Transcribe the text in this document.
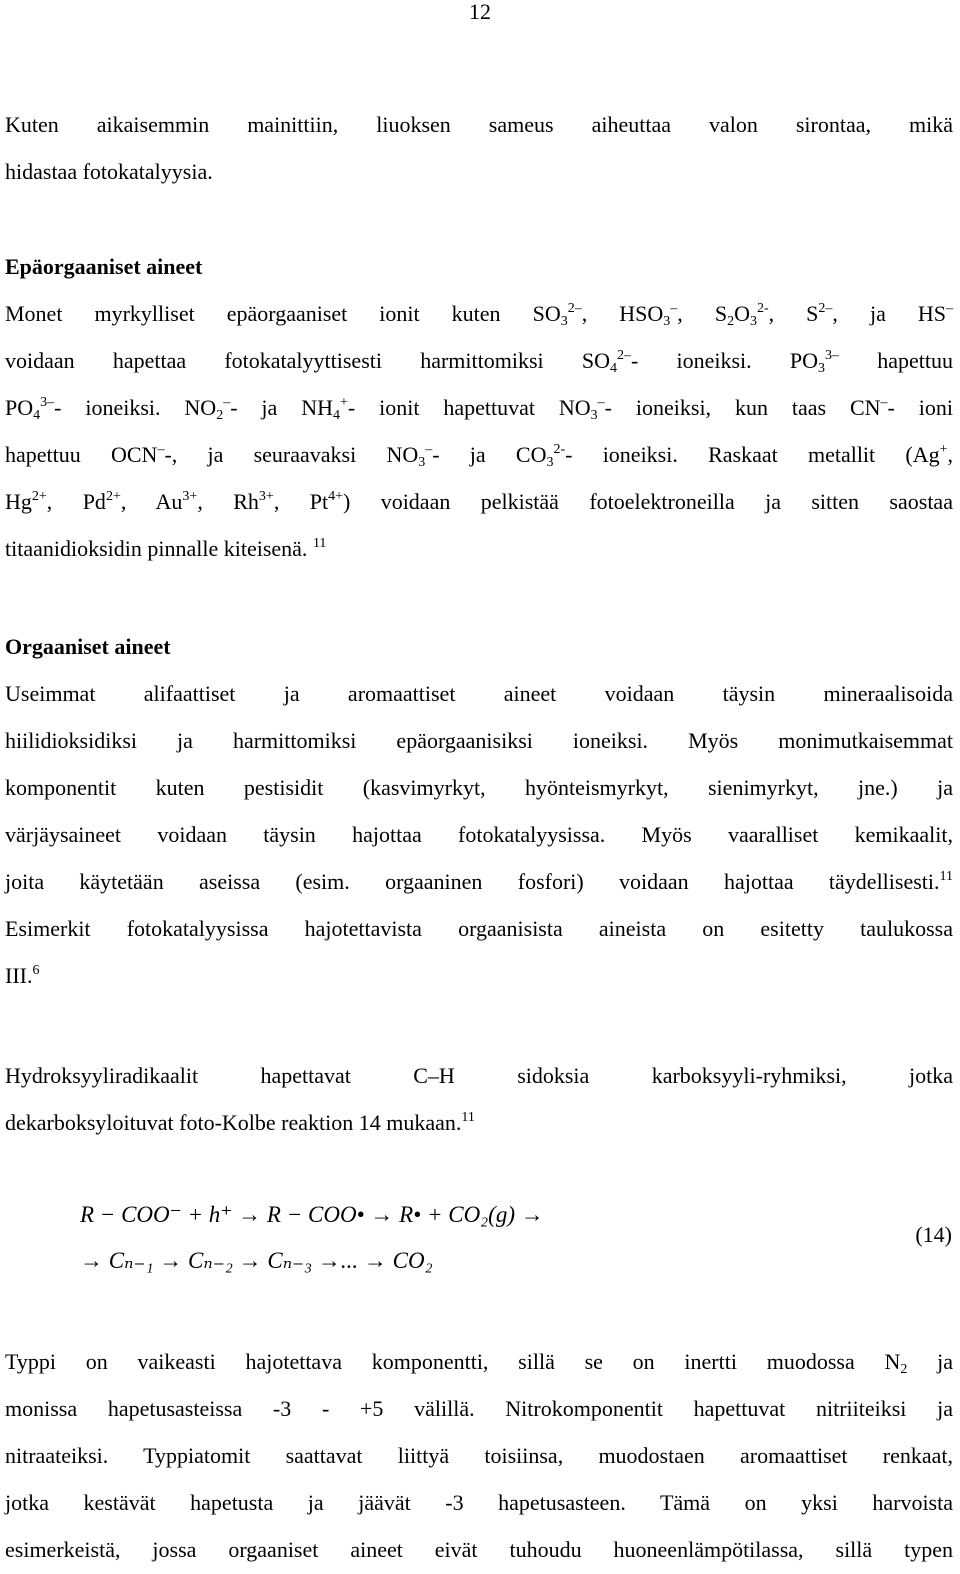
12

Kuten aikaisemmin mainittiin, liuoksen sameus aiheuttaa valon sirontaa, mikä

hidastaa fotokatalyysia.

Epäorgaaniset aineet

Monet myrkylliset epäorgaaniset ionit kuten $SO_3^{2-}$, $HSO_3^-$, $S_2O_3^{2-}$, $S^{2-}$, ja HS–

voidaan hapettaa fotokatalyyttisesti harmittomiksi $SO_4^{2-}-$ ioneiksi. $PO_3^{3-}$ hapettuu

$PO_4^{3-}-$ ioneiksi. $NO_2^--$ ja $NH_4^+-$ ionit hapettuvat $NO_3^--$ ioneiksi, kun taas CN–- ioni

hapettuu OCN–-, ja seuraavaksi $NO_3^--$ ja $CO_3^{2-}-$ ioneiksi. Raskaat metallit (Ag+,

$Hg^{2+}$, $Pd^{2+}$, $Au^{3+}$, $Rh^{3+}$, $Pt^{4+}$) voidaan pelkistää fotoelektroneilla ja sitten saostaa

titaanidioksidin pinnalle kiteisenä. $^{11}$

Orgaaniset aineet

Useimmat alifaattiset ja aromaattiset aineet voidaan täysin mineraalisoida

hiilidioksidiksi ja harmittomiksi epäorgaanisiksi ioneiksi. Myös monimutkaisemmat

komponentit kuten pestisidit (kasvimyrkyt, hyönteismyrkyt, sienimyrkyt, jne.) ja

värjäysaineet voidaan täysin hajottaa fotokatalyysissa. Myös vaaralliset kemikaalit,

joita käytetään aseissa (esim. orgaaninen fosfori) voidaan hajottaa täydellisesti.$^{11}$

Esimerkit fotokatalyysissa hajotettavista orgaanisista aineista on esitetty taulukossa

III.$^6$

Hydroksyyliradikaalit hapettavat C–H sidoksia karboksyyli-ryhmiksi, jotka

dekarboksyloituvat foto-Kolbe reaktion 14 mukaan.$^{11}$

R − COO⁻ + h⁺ → R − COO• → R• + CO₂(g) →
→ Cₙ₋₁ → Cₙ₋₂ → Cₙ₋₃ →... → CO₂
(14)

Typpi on vaikeasti hajotettava komponentti, sillä se on inertti muodossa $N_2$ ja

monissa hapetusasteissa -3 - +5 välillä. Nitrokomponentit hapettuvat nitriiteiksi ja

nitraateiksi. Typpiatomit saattavat liittyä toisiinsa, muodostaen aromaattiset renkaat,

jotka kestävät hapetusta ja jäävät -3 hapetusasteen. Tämä on yksi harvoista

esimerkeistä, jossa orgaaniset aineet eivät tuhoudu huoneenlämpötilassa, sillä typen
